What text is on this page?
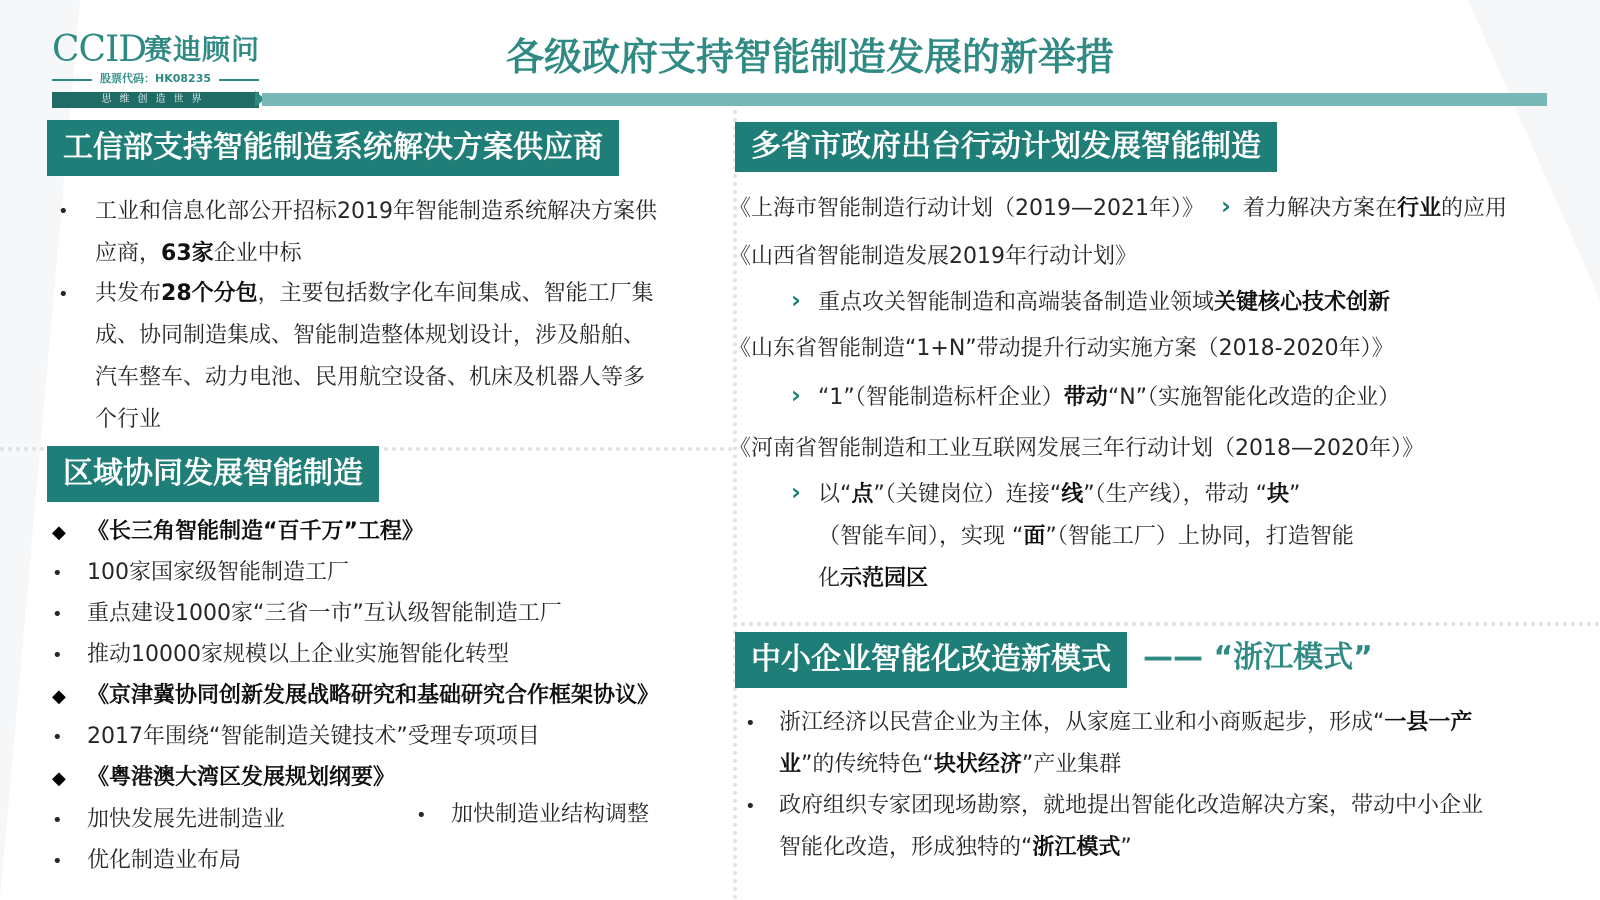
CCID
赛迪顾问
股票代码：HK08235
思维创造世界
各级政府支持智能制造发展的新举措
工信部支持智能制造系统解决方案供应商
• 工业和信息化部公开招标2019年智能制造系统解决方案供
应商，63家企业中标
• 共发布28个分包，主要包括数字化车间集成、智能工厂集
成、协同制造集成、智能制造整体规划设计，涉及船舶、
汽车整车、动力电池、民用航空设备、机床及机器人等多
个行业
区域协同发展智能制造
◆ 《长三角智能制造“百千万”工程》
• 100家国家级智能制造工厂
• 重点建设1000家“三省一市”互认级智能制造工厂
• 推动10000家规模以上企业实施智能化转型
◆ 《京津冀协同创新发展战略研究和基础研究合作框架协议》
• 2017年围绕“智能制造关键技术”受理专项项目
◆ 《粤港澳大湾区发展规划纲要》
• 加快发展先进制造业	• 加快制造业结构调整
• 优化制造业布局
多省市政府出台行动计划发展智能制造
《上海市智能制造行动计划（2019—2021年）》 › 着力解决方案在行业的应用
《山西省智能制造发展2019年行动计划》
› 重点攻关智能制造和高端装备制造业领域关键核心技术创新
《山东省智能制造“1+N”带动提升行动实施方案（2018-2020年）》
› “1”（智能制造标杆企业）带动“N”（实施智能化改造的企业）
《河南省智能制造和工业互联网发展三年行动计划（2018—2020年）》
› 以“点”（关键岗位）连接“线”（生产线），带动 “块”
（智能车间），实现 “面”（智能工厂）上协同，打造智能
化示范园区
中小企业智能化改造新模式	—— “浙江模式”
• 浙江经济以民营企业为主体，从家庭工业和小商贩起步，形成“一县一产
业”的传统特色“块状经济”产业集群
• 政府组织专家团现场勘察，就地提出智能化改造解决方案，带动中小企业
智能化改造，形成独特的“浙江模式”
